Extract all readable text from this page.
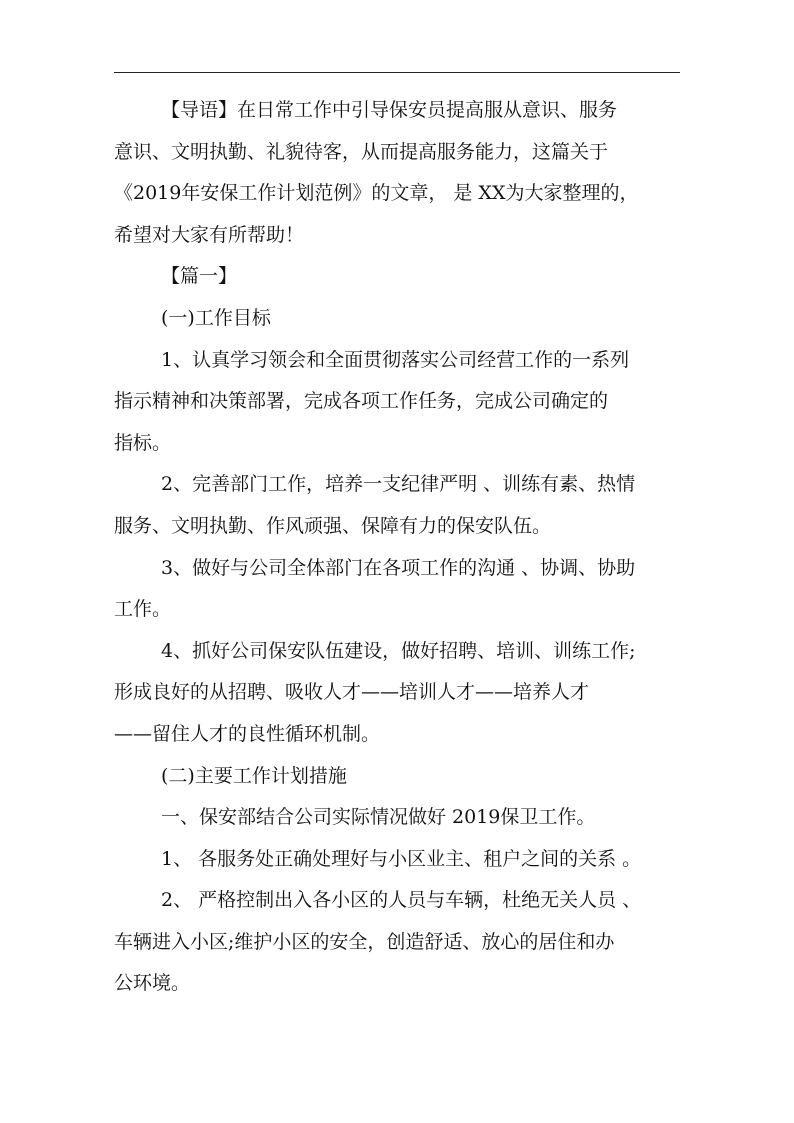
【导语】在日常工作中引导保安员提高服从意识、服务
意识、文明执勤、礼貌待客，从而提高服务能力，这篇关于
《2019年安保工作计划范例》的文章， 是 XX为大家整理的，
希望对大家有所帮助！
【篇一】
(一)工作目标
1、认真学习领会和全面贯彻落实公司经营工作的一系列
指示精神和决策部署，完成各项工作任务，完成公司确定的
指标。
2、完善部门工作，培养一支纪律严明 、训练有素、热情
服务、文明执勤、作风顽强、保障有力的保安队伍。
3、做好与公司全体部门在各项工作的沟通 、协调、协助
工作。
4、抓好公司保安队伍建设，做好招聘、培训、训练工作;
形成良好的从招聘、吸收人才——培训人才——培养人才
——留住人才的良性循环机制。
(二)主要工作计划措施
一、保安部结合公司实际情况做好 2019保卫工作。
1、 各服务处正确处理好与小区业主、租户之间的关系 。
2、 严格控制出入各小区的人员与车辆，杜绝无关人员 、
车辆进入小区;维护小区的安全，创造舒适、放心的居住和办
公环境。
